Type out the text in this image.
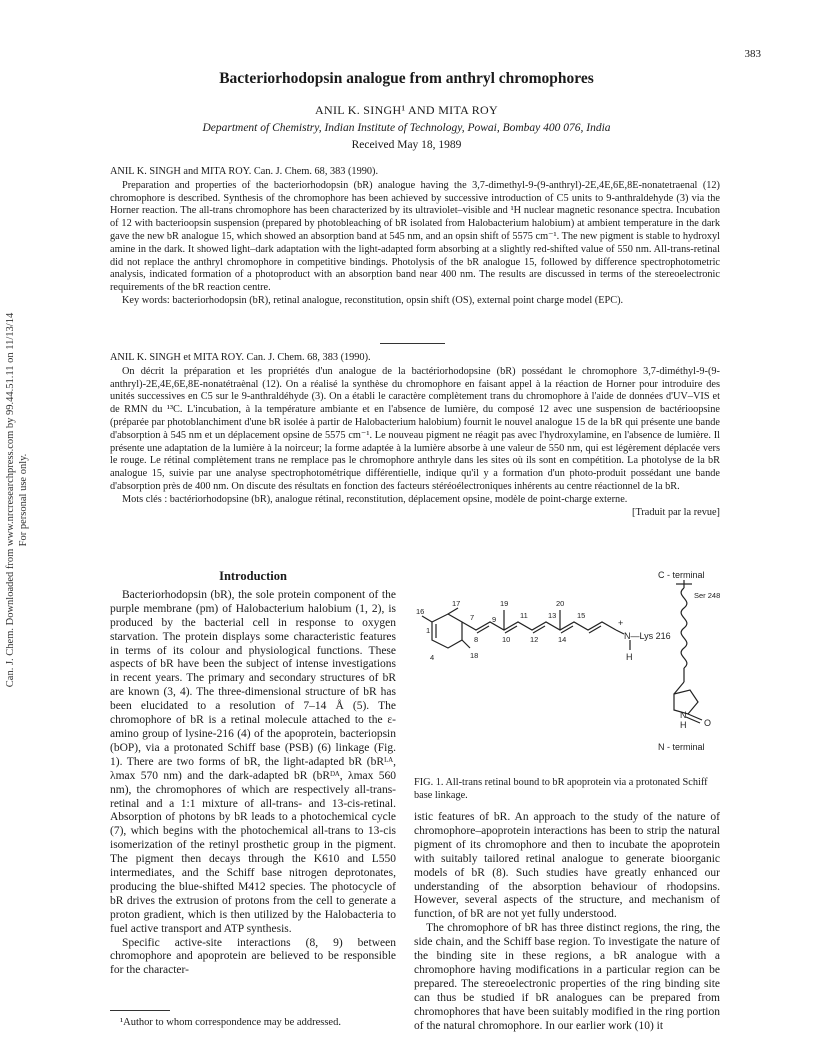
Can. J. Chem. Downloaded from www.nrcresearchpress.com by 99.44.51.11 on 11/13/14 For personal use only.
383
Bacteriorhodopsin analogue from anthryl chromophores
ANIL K. SINGH¹ AND MITA ROY
Department of Chemistry, Indian Institute of Technology, Powai, Bombay 400 076, India
Received May 18, 1989

ANIL K. SINGH and MITA ROY. Can. J. Chem. 68, 383 (1990).

Preparation and properties of the bacteriorhodopsin (bR) analogue having the 3,7-dimethyl-9-(9-anthryl)-2E,4E,6E,8E-nonatetraenal (12) chromophore is described. Synthesis of the chromophore has been achieved by successive introduction of C5 units to 9-anthraldehyde (3) via the Horner reaction. The all-trans chromophore has been characterized by its ultraviolet–visible and ¹H nuclear magnetic resonance spectra. Incubation of 12 with bacterioopsin suspension (prepared by photobleaching of bR isolated from Halobacterium halobium) at ambient temperature in the dark gave the new bR analogue 15, which showed an absorption band at 545 nm, and an opsin shift of 5575 cm⁻¹. The new pigment is stable to hydroxyl amine in the dark. It showed light–dark adaptation with the light-adapted form absorbing at a slightly red-shifted value of 550 nm. All-trans-retinal did not replace the anthryl chromophore in competitive bindings. Photolysis of the bR analogue 15, followed by difference spectrophotometric analysis, indicated formation of a photoproduct with an absorption band near 400 nm. The results are discussed in terms of the stereoelectronic requirements of the bR reaction centre.

Key words: bacteriorhodopsin (bR), retinal analogue, reconstitution, opsin shift (OS), external point charge model (EPC).

ANIL K. SINGH et MITA ROY. Can. J. Chem. 68, 383 (1990).

On décrit la préparation et les propriétés d'un analogue de la bactériorhodopsine (bR) possédant le chromophore 3,7-diméthyl-9-(9-anthryl)-2E,4E,6E,8E-nonatétraènal (12). On a réalisé la synthèse du chromophore en faisant appel à la réaction de Horner pour introduire des unités successives en C5 sur le 9-anthraldéhyde (3). On a établi le caractère complètement trans du chromophore à l'aide de données d'UV–VIS et de RMN du ¹³C. L'incubation, à la température ambiante et en l'absence de lumière, du composé 12 avec une suspension de bactérioopsine (préparée par photoblanchiment d'une bR isolée à partir de Halobacterium halobium) fournit le nouvel analogue 15 de la bR qui présente une bande d'absorption à 545 nm et un déplacement opsine de 5575 cm⁻¹. Le nouveau pigment ne réagit pas avec l'hydroxylamine, en l'absence de lumière. Il présente une adaptation de la lumière à la noirceur; la forme adaptée à la lumière absorbe à une valeur de 550 nm, qui est légèrement déplacée vers le rouge. Le rétinal complètement trans ne remplace pas le chromophore anthryle dans les sites où ils sont en compétition. La photolyse de la bR analogue 15, suivie par une analyse spectrophotométrique différentielle, indique qu'il y a formation d'un photo-produit possédant une bande d'absorption près de 400 nm. On discute des résultats en fonction des facteurs stéréoélectroniques inhérents au centre réactionnel de la bR.

Mots clés : bactériorhodopsine (bR), analogue rétinal, reconstitution, déplacement opsine, modèle de point-charge externe.

[Traduit par la revue]

Introduction

Bacteriorhodopsin (bR), the sole protein component of the purple membrane (pm) of Halobacterium halobium (1, 2), is produced by the bacterial cell in response to oxygen starvation. The protein displays some characteristic features in terms of its colour and physiological functions. These aspects of bR have been the subject of intense investigations in recent years. The primary and secondary structures of bR are known (3, 4). The three-dimensional structure of bR has been elucidated to a resolution of 7–14 Å (5). The chromophore of bR is a retinal molecule attached to the ε-amino group of lysine-216 (4) of the apoprotein, bacteriopsin (bOP), via a protonated Schiff base (PSB) (6) linkage (Fig. 1). There are two forms of bR, the light-adapted bR (bRᴸᴬ, λmax 570 nm) and the dark-adapted bR (bRᴰᴬ, λmax 560 nm), the chromophores of which are respectively all-trans-retinal and a 1:1 mixture of all-trans- and 13-cis-retinal. Absorption of photons by bR leads to a photochemical cycle (7), which begins with the photochemical all-trans to 13-cis isomerization of the retinyl prosthetic group in the pigment. The pigment then decays through the K610 and L550 intermediates, and the Schiff base nitrogen deprotonates, producing the blue-shifted M412 species. The photocycle of bR drives the extrusion of protons from the cell to generate a proton gradient, which is then utilized by the Halobacteria to fuel active transport and ATP synthesis.

Specific active-site interactions (8, 9) between chromophore and apoprotein are believed to be responsible for the character-

¹Author to whom correspondence may be addressed.
16
17
1
7 9	11	13	15
19	20
8	10	12	14
18
4
C - terminal
Ser 248
+
N—Lys 216
H
N
H O
N - terminal
FIG. 1. All-trans retinal bound to bR apoprotein via a protonated Schiff base linkage.

istic features of bR. An approach to the study of the nature of chromophore–apoprotein interactions has been to strip the natural pigment of its chromophore and then to incubate the apoprotein with suitably tailored retinal analogue to generate bioorganic models of bR (8). Such studies have greatly enhanced our understanding of the absorption behaviour of rhodopsins. However, several aspects of the structure, and mechanism of function, of bR are not yet fully understood.

The chromophore of bR has three distinct regions, the ring, the side chain, and the Schiff base region. To investigate the nature of the binding site in these regions, a bR analogue with a chromophore having modifications in a particular region can be prepared. The stereoelectronic properties of the ring binding site can thus be studied if bR analogues can be prepared from chromophores that have been suitably modified in the ring portion of the natural chromophore. In our earlier work (10) it
